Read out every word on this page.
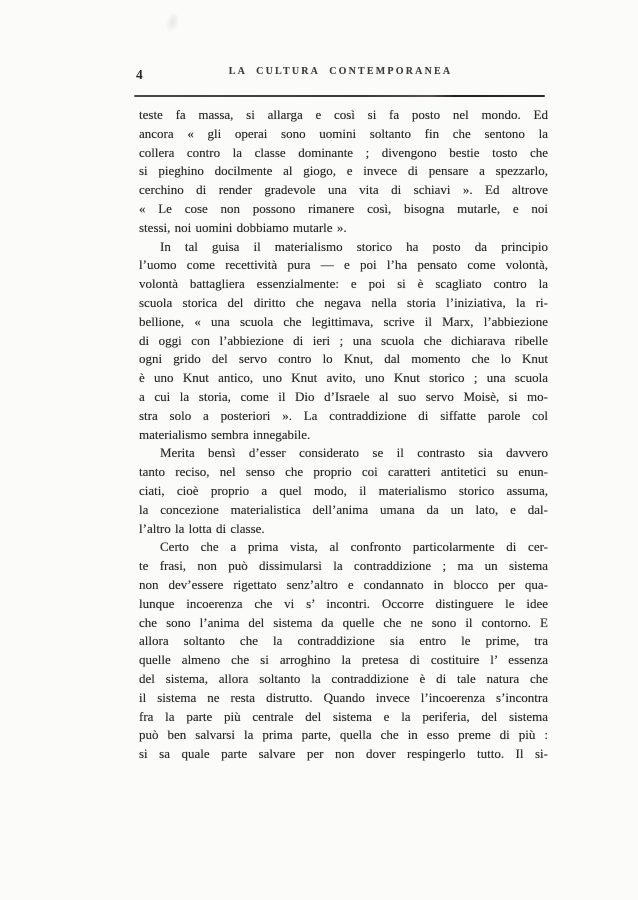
4	LA CULTURA CONTEMPORANEA

teste fa massa, si allarga e così si fa posto nel mondo. Ed
ancora « gli operai sono uomini soltanto fin che sentono la
collera contro la classe dominante ; divengono bestie tosto che
si pieghino docilmente al giogo, e invece di pensare a spezzarlo,
cerchino di render gradevole una vita di schiavi ». Ed altrove
« Le cose non possono rimanere così, bisogna mutarle, e noi
stessi, noi uomini dobbiamo mutarle ».

In tal guisa il materialismo storico ha posto da principio
l’uomo come recettività pura — e poi l’ha pensato come volontà,
volontà battagliera essenzialmente: e poi si è scagliato contro la
scuola storica del diritto che negava nella storia l’iniziativa, la ri-
bellione, « una scuola che legittimava, scrive il Marx, l’abbiezione
di oggi con l’abbiezione di ieri ; una scuola che dichiarava ribelle
ogni grido del servo contro lo Knut, dal momento che lo Knut
è uno Knut antico, uno Knut avito, uno Knut storico ; una scuola
a cui la storia, come il Dio d’Israele al suo servo Moisè, si mo-
stra solo a posteriori ». La contraddizione di siffatte parole col
materialismo sembra innegabile.

Merita bensì d’esser considerato se il contrasto sia davvero
tanto reciso, nel senso che proprio coi caratteri antitetici su enun-
ciati, cioè proprio a quel modo, il materialismo storico assuma,
la concezione materialistica dell’anima umana da un lato, e dal-
l’altro la lotta di classe.

Certo che a prima vista, al confronto particolarmente di cer-
te frasi, non può dissimularsi la contraddizione ; ma un sistema
non dev’essere rigettato senz’altro e condannato in blocco per qua-
lunque incoerenza che vi s’ incontri. Occorre distinguere le idee
che sono l’anima del sistema da quelle che ne sono il contorno. E
allora soltanto che la contraddizione sia entro le prime, tra
quelle almeno che si arroghino la pretesa di costituire l’ essenza
del sistema, allora soltanto la contraddizione è di tale natura che
il sistema ne resta distrutto. Quando invece l’incoerenza s’incontra
fra la parte più centrale del sistema e la periferia, del sistema
può ben salvarsi la prima parte, quella che in esso preme di più :
si sa quale parte salvare per non dover respingerlo tutto. Il si-
